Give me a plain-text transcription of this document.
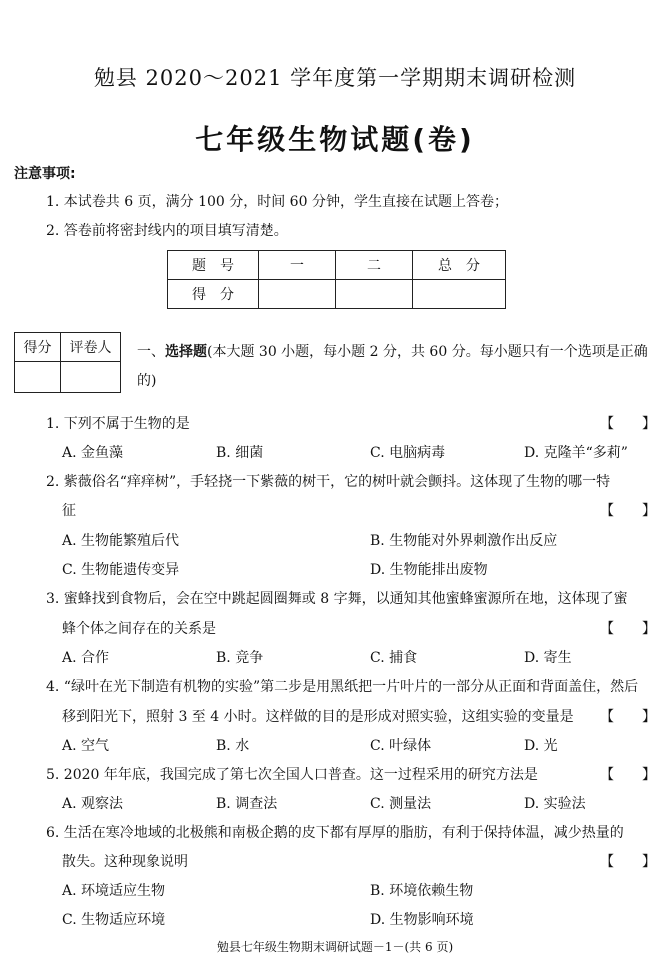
勉县 2020～2021 学年度第一学期期末调研检测
七年级生物试题(卷)
注意事项:
1. 本试卷共 6 页，满分 100 分，时间 60 分钟，学生直接在试题上答卷；
2. 答卷前将密封线内的项目填写清楚。
题　号	一	二	总　分
得　分			
得分	评卷人
	一、选择题(本大题 30 小题，每小题 2 分，共 60 分。每小题只有一个选项是正确
的)
1. 下列不属于生物的是	【　　】
A. 金鱼藻	B. 细菌	C. 电脑病毒	D. 克隆羊“多莉”
2. 紫薇俗名“痒痒树”，手轻挠一下紫薇的树干，它的树叶就会颤抖。这体现了生物的哪一特
征	【　　】
A. 生物能繁殖后代	B. 生物能对外界刺激作出反应
C. 生物能遗传变异	D. 生物能排出废物
3. 蜜蜂找到食物后，会在空中跳起圆圈舞或 8 字舞，以通知其他蜜蜂蜜源所在地，这体现了蜜
蜂个体之间存在的关系是	【　　】
A. 合作	B. 竞争	C. 捕食	D. 寄生
4. “绿叶在光下制造有机物的实验”第二步是用黑纸把一片叶片的一部分从正面和背面盖住，然后
移到阳光下，照射 3 至 4 小时。这样做的目的是形成对照实验，这组实验的变量是 【　　】
A. 空气	B. 水	C. 叶绿体	D. 光
5. 2020 年年底，我国完成了第七次全国人口普查。这一过程采用的研究方法是	【　　】
A. 观察法	B. 调查法	C. 测量法	D. 实验法
6. 生活在寒冷地域的北极熊和南极企鹅的皮下都有厚厚的脂肪，有利于保持体温，减少热量的
散失。这种现象说明	【　　】
A. 环境适应生物	B. 环境依赖生物
C. 生物适应环境	D. 生物影响环境
勉县七年级生物期末调研试题－1－(共 6 页)
